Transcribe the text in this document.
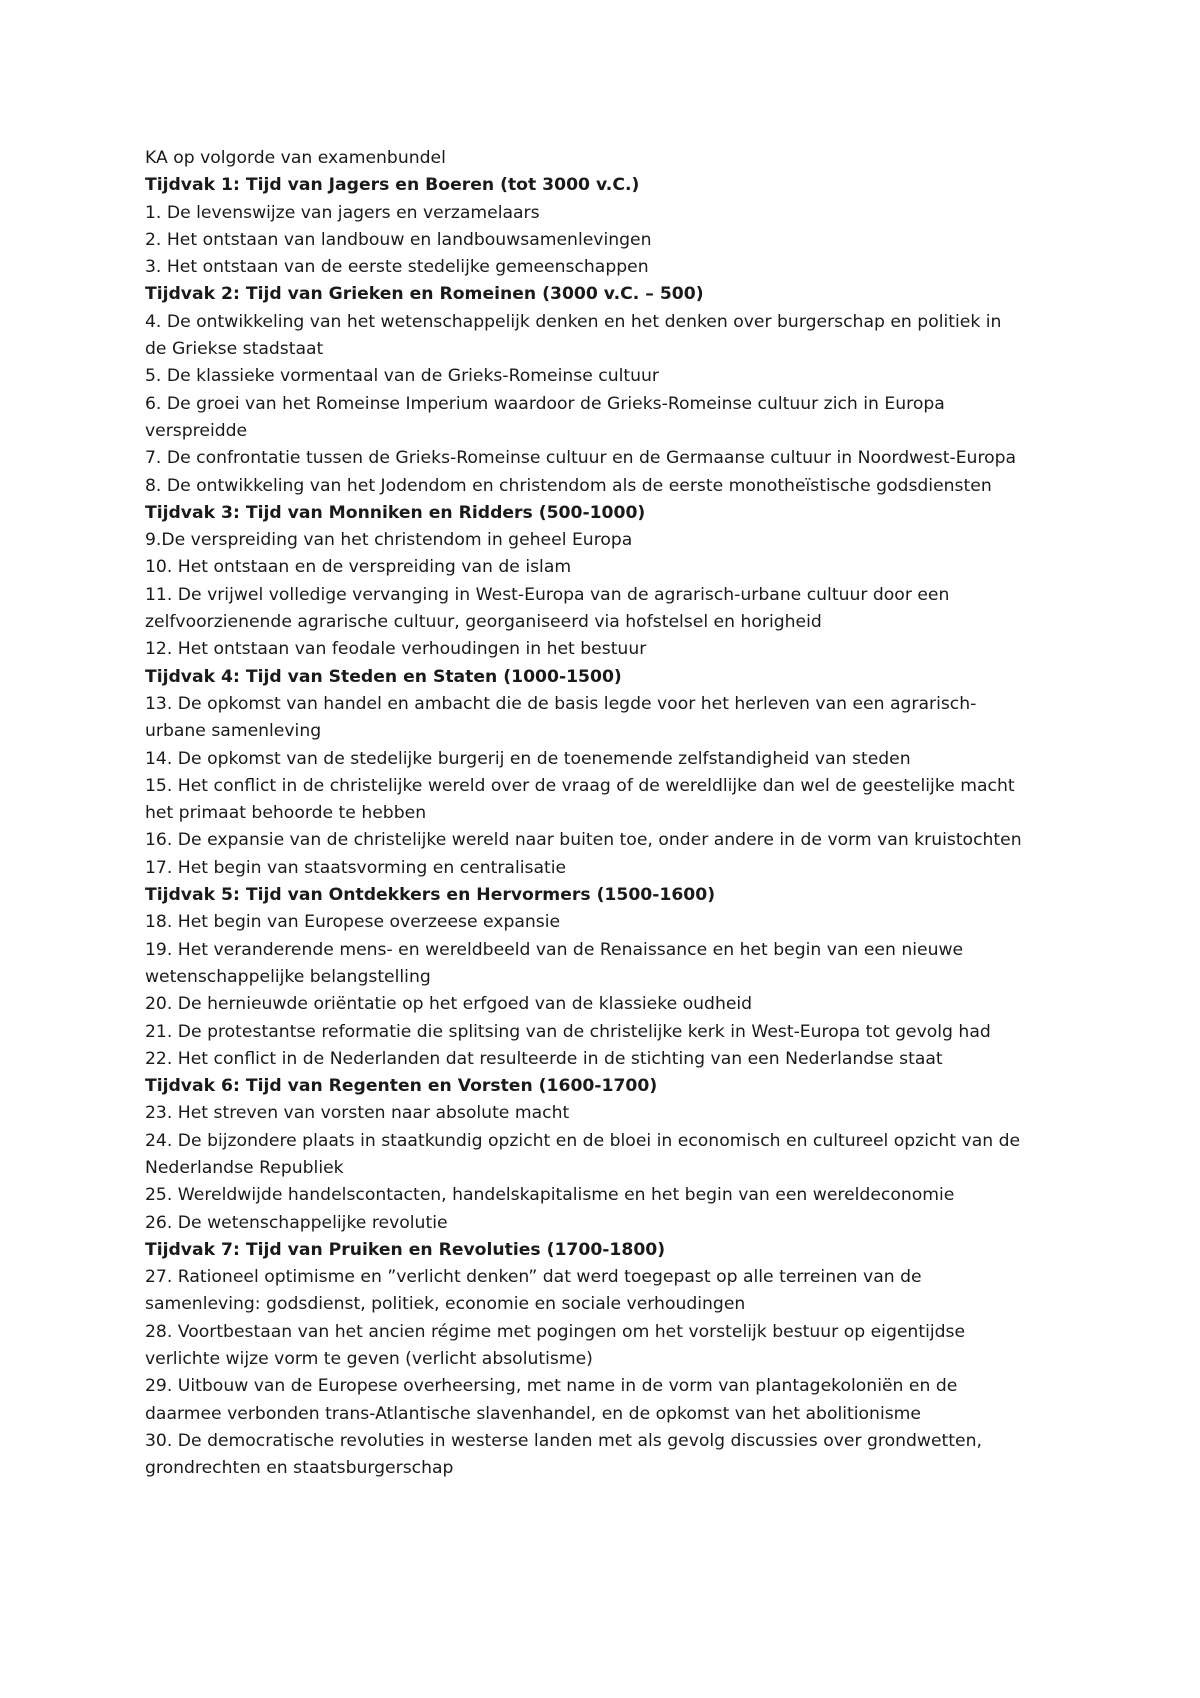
KA op volgorde van examenbundel
Tijdvak 1: Tijd van Jagers en Boeren (tot 3000 v.C.)
1. De levenswijze van jagers en verzamelaars
2. Het ontstaan van landbouw en landbouwsamenlevingen
3. Het ontstaan van de eerste stedelijke gemeenschappen
Tijdvak 2: Tijd van Grieken en Romeinen (3000 v.C. – 500)
4. De ontwikkeling van het wetenschappelijk denken en het denken over burgerschap en politiek in
de Griekse stadstaat
5. De klassieke vormentaal van de Grieks-Romeinse cultuur
6. De groei van het Romeinse Imperium waardoor de Grieks-Romeinse cultuur zich in Europa
verspreidde
7. De confrontatie tussen de Grieks-Romeinse cultuur en de Germaanse cultuur in Noordwest-Europa
8. De ontwikkeling van het Jodendom en christendom als de eerste monotheïstische godsdiensten
Tijdvak 3: Tijd van Monniken en Ridders (500-1000)
9.De verspreiding van het christendom in geheel Europa
10. Het ontstaan en de verspreiding van de islam
11. De vrijwel volledige vervanging in West-Europa van de agrarisch-urbane cultuur door een
zelfvoorzienende agrarische cultuur, georganiseerd via hofstelsel en horigheid
12. Het ontstaan van feodale verhoudingen in het bestuur
Tijdvak 4: Tijd van Steden en Staten (1000-1500)
13. De opkomst van handel en ambacht die de basis legde voor het herleven van een agrarisch-
urbane samenleving
14. De opkomst van de stedelijke burgerij en de toenemende zelfstandigheid van steden
15. Het conflict in de christelijke wereld over de vraag of de wereldlijke dan wel de geestelijke macht
het primaat behoorde te hebben
16. De expansie van de christelijke wereld naar buiten toe, onder andere in de vorm van kruistochten
17. Het begin van staatsvorming en centralisatie
Tijdvak 5: Tijd van Ontdekkers en Hervormers (1500-1600)
18. Het begin van Europese overzeese expansie
19. Het veranderende mens- en wereldbeeld van de Renaissance en het begin van een nieuwe
wetenschappelijke belangstelling
20. De hernieuwde oriëntatie op het erfgoed van de klassieke oudheid
21. De protestantse reformatie die splitsing van de christelijke kerk in West-Europa tot gevolg had
22. Het conflict in de Nederlanden dat resulteerde in de stichting van een Nederlandse staat
Tijdvak 6: Tijd van Regenten en Vorsten (1600-1700)
23. Het streven van vorsten naar absolute macht
24. De bijzondere plaats in staatkundig opzicht en de bloei in economisch en cultureel opzicht van de
Nederlandse Republiek
25. Wereldwijde handelscontacten, handelskapitalisme en het begin van een wereldeconomie
26. De wetenschappelijke revolutie
Tijdvak 7: Tijd van Pruiken en Revoluties (1700-1800)
27. Rationeel optimisme en ”verlicht denken” dat werd toegepast op alle terreinen van de
samenleving: godsdienst, politiek, economie en sociale verhoudingen
28. Voortbestaan van het ancien régime met pogingen om het vorstelijk bestuur op eigentijdse
verlichte wijze vorm te geven (verlicht absolutisme)
29. Uitbouw van de Europese overheersing, met name in de vorm van plantagekoloniën en de
daarmee verbonden trans-Atlantische slavenhandel, en de opkomst van het abolitionisme
30. De democratische revoluties in westerse landen met als gevolg discussies over grondwetten,
grondrechten en staatsburgerschap
